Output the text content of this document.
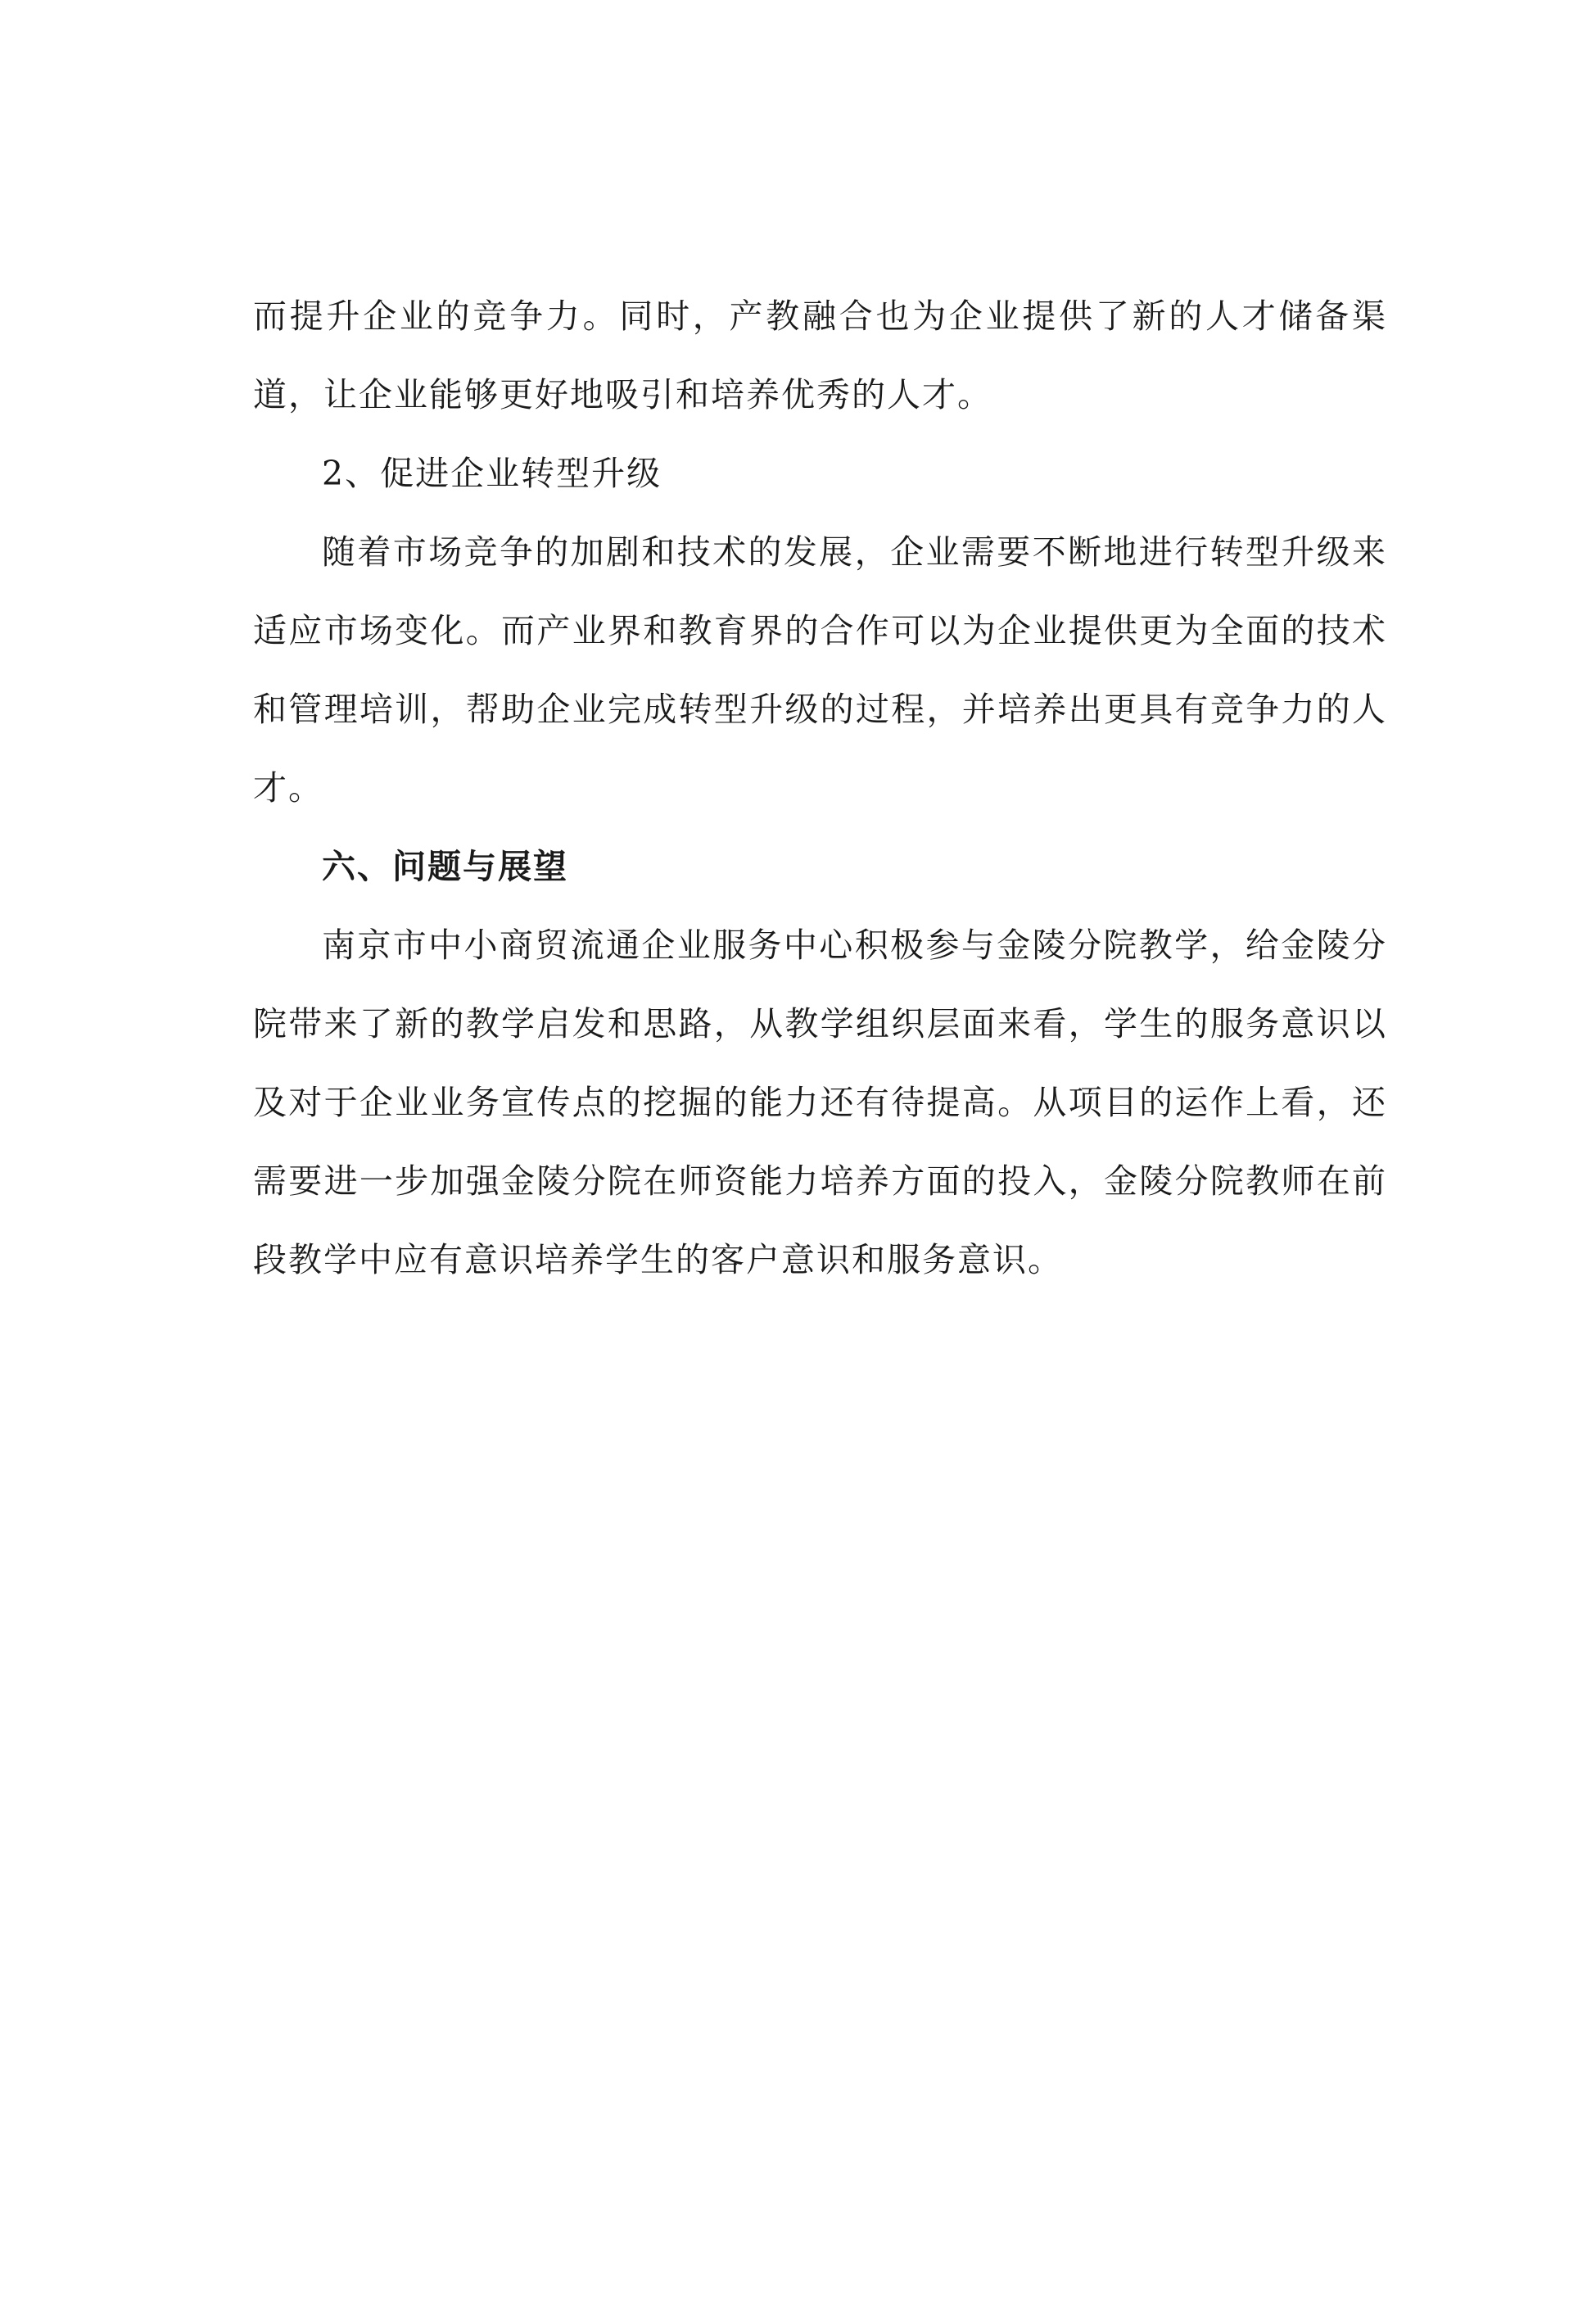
而提升企业的竞争力。同时，产教融合也为企业提供了新的人才储备渠道，让企业能够更好地吸引和培养优秀的人才。

2、促进企业转型升级

随着市场竞争的加剧和技术的发展，企业需要不断地进行转型升级来适应市场变化。而产业界和教育界的合作可以为企业提供更为全面的技术和管理培训，帮助企业完成转型升级的过程，并培养出更具有竞争力的人才。

六、问题与展望

南京市中小商贸流通企业服务中心积极参与金陵分院教学，给金陵分院带来了新的教学启发和思路，从教学组织层面来看，学生的服务意识以及对于企业业务宣传点的挖掘的能力还有待提高。从项目的运作上看，还需要进一步加强金陵分院在师资能力培养方面的投入，金陵分院教师在前段教学中应有意识培养学生的客户意识和服务意识。
